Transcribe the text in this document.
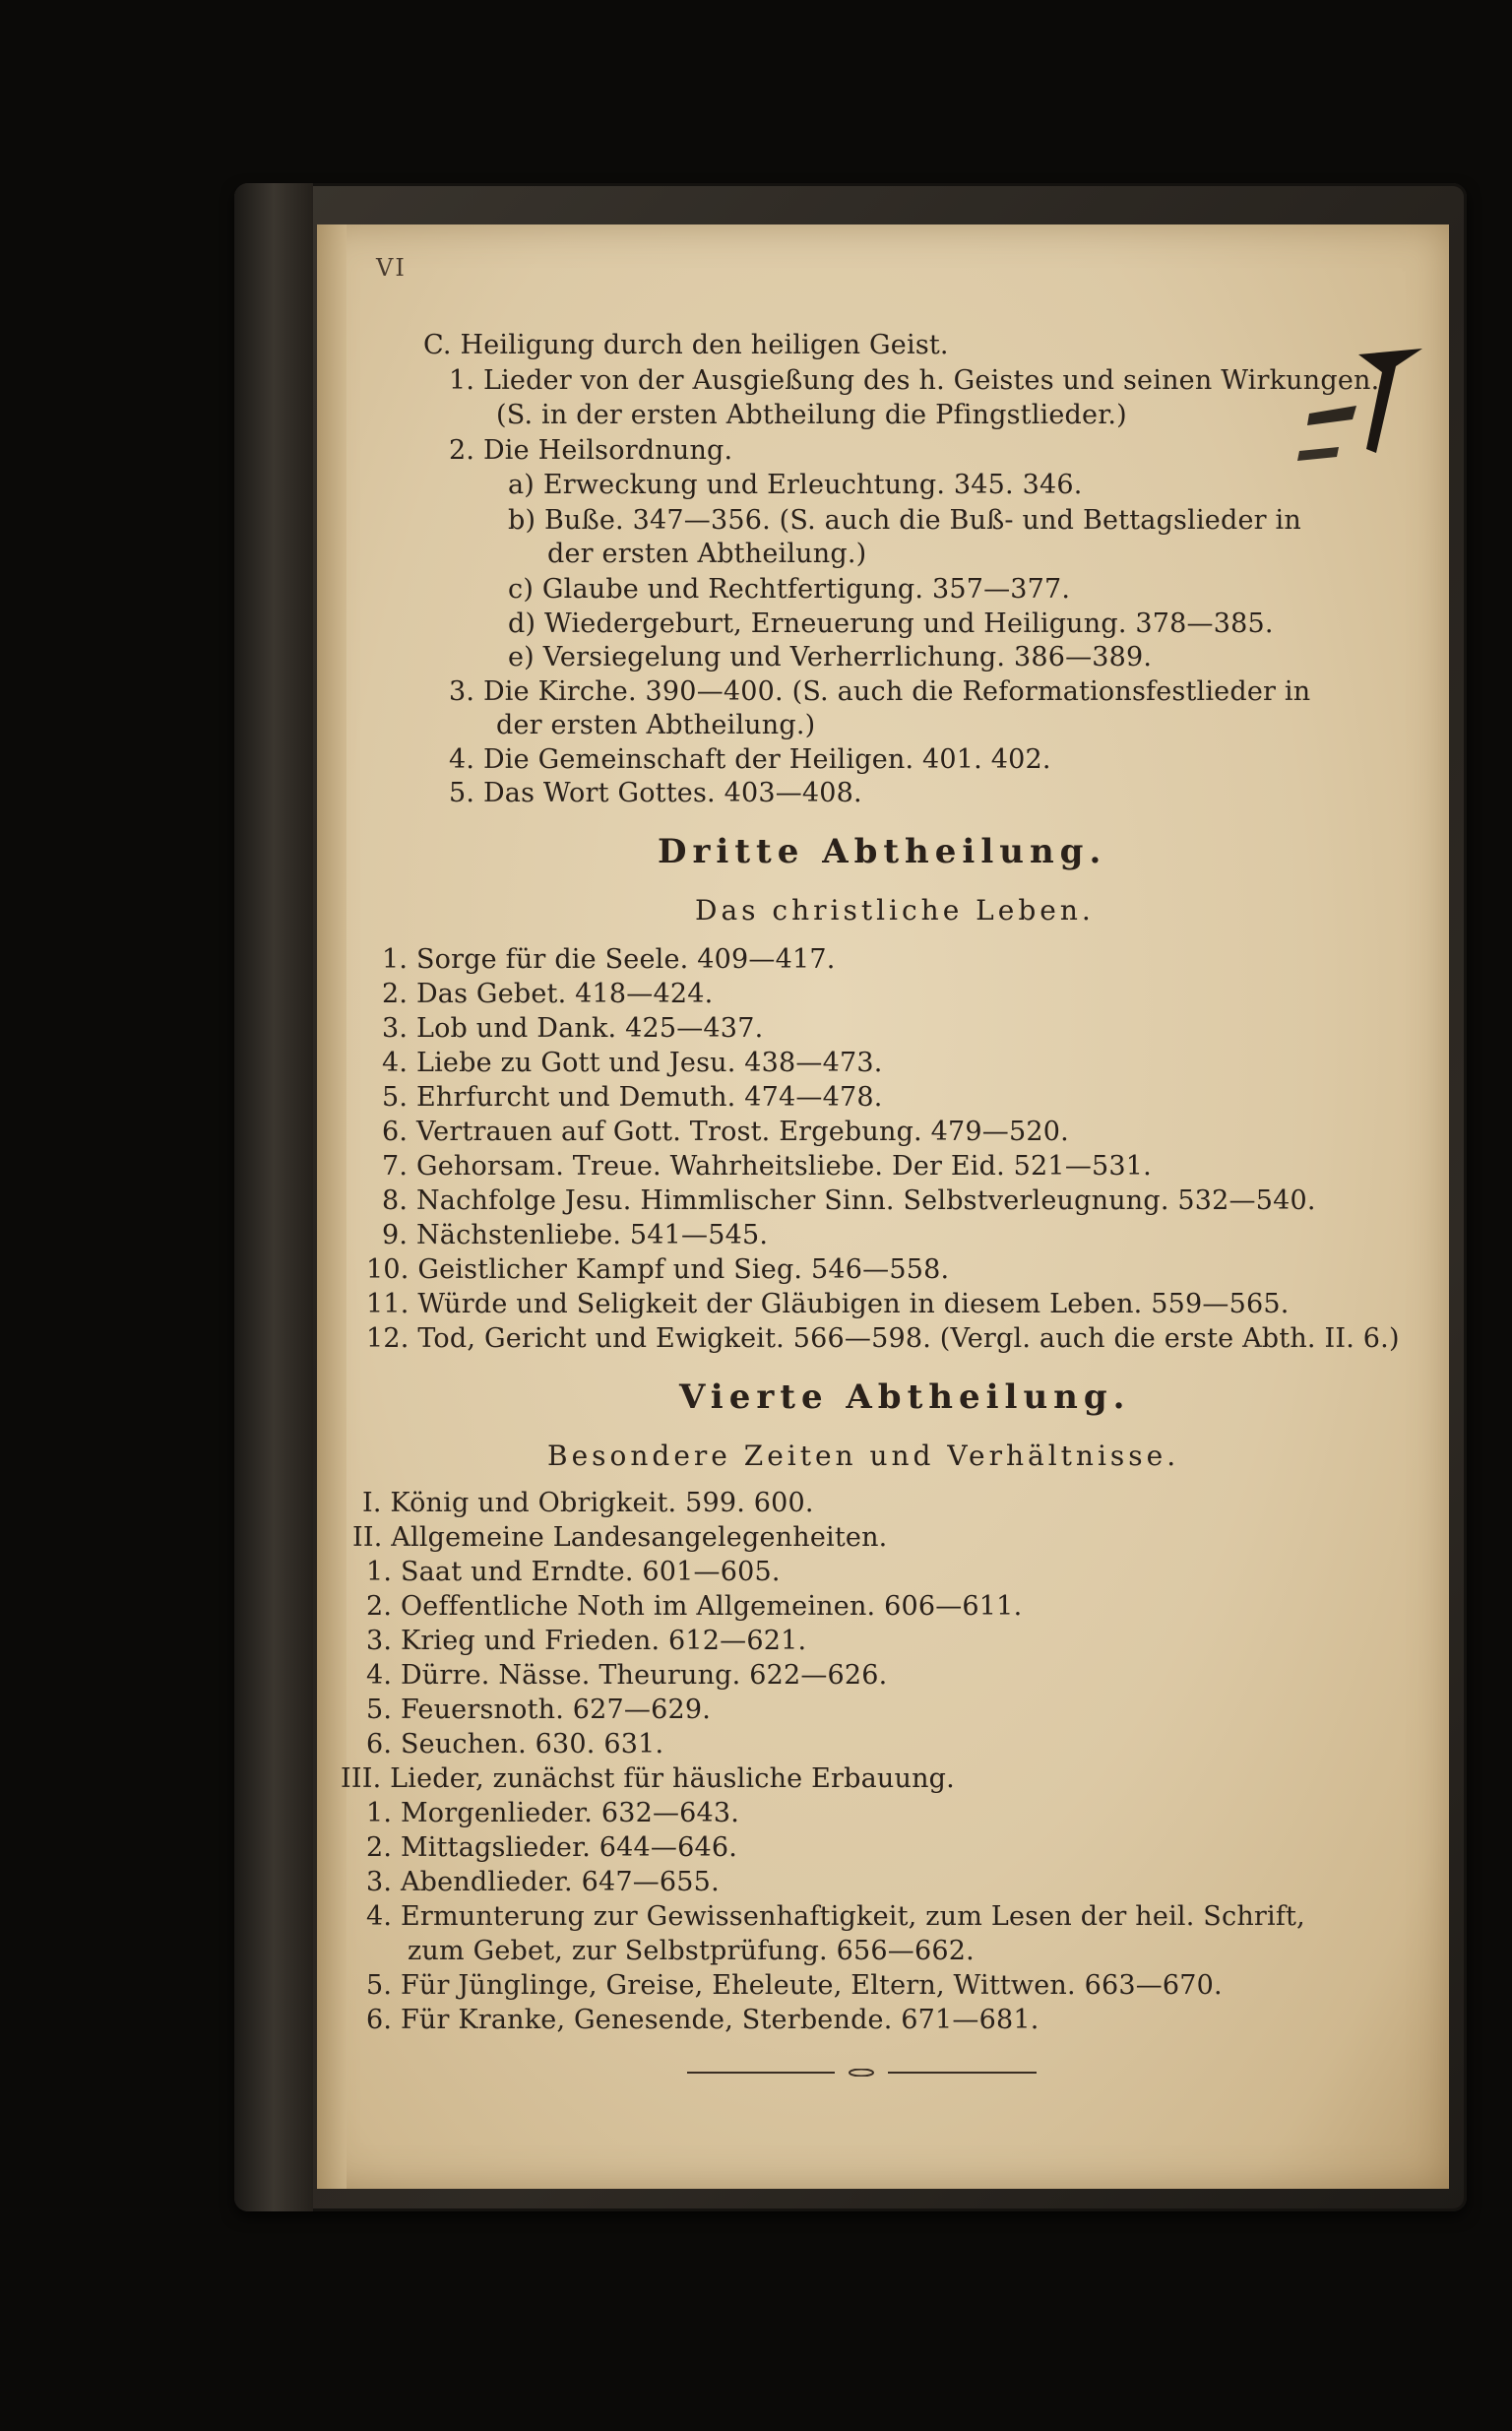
VI
C. Heiligung durch den heiligen Geist.
1. Lieder von der Ausgießung des h. Geistes und seinen Wirkungen.
(S. in der ersten Abtheilung die Pfingstlieder.)
2. Die Heilsordnung.
a) Erweckung und Erleuchtung. 345. 346.
b) Buße. 347—356. (S. auch die Buß- und Bettagslieder in
der ersten Abtheilung.)
c) Glaube und Rechtfertigung. 357—377.
d) Wiedergeburt, Erneuerung und Heiligung. 378—385.
e) Versiegelung und Verherrlichung. 386—389.
3. Die Kirche. 390—400. (S. auch die Reformationsfestlieder in
der ersten Abtheilung.)
4. Die Gemeinschaft der Heiligen. 401. 402.
5. Das Wort Gottes. 403—408.
Dritte Abtheilung.
Das christliche Leben.
1. Sorge für die Seele. 409—417.
2. Das Gebet. 418—424.
3. Lob und Dank. 425—437.
4. Liebe zu Gott und Jesu. 438—473.
5. Ehrfurcht und Demuth. 474—478.
6. Vertrauen auf Gott. Trost. Ergebung. 479—520.
7. Gehorsam. Treue. Wahrheitsliebe. Der Eid. 521—531.
8. Nachfolge Jesu. Himmlischer Sinn. Selbstverleugnung. 532—540.
9. Nächstenliebe. 541—545.
10. Geistlicher Kampf und Sieg. 546—558.
11. Würde und Seligkeit der Gläubigen in diesem Leben. 559—565.
12. Tod, Gericht und Ewigkeit. 566—598. (Vergl. auch die erste Abth. II. 6.)
Vierte Abtheilung.
Besondere Zeiten und Verhältnisse.
I. König und Obrigkeit. 599. 600.
II. Allgemeine Landesangelegenheiten.
1. Saat und Erndte. 601—605.
2. Oeffentliche Noth im Allgemeinen. 606—611.
3. Krieg und Frieden. 612—621.
4. Dürre. Nässe. Theurung. 622—626.
5. Feuersnoth. 627—629.
6. Seuchen. 630. 631.
III. Lieder, zunächst für häusliche Erbauung.
1. Morgenlieder. 632—643.
2. Mittagslieder. 644—646.
3. Abendlieder. 647—655.
4. Ermunterung zur Gewissenhaftigkeit, zum Lesen der heil. Schrift,
zum Gebet, zur Selbstprüfung. 656—662.
5. Für Jünglinge, Greise, Eheleute, Eltern, Wittwen. 663—670.
6. Für Kranke, Genesende, Sterbende. 671—681.
